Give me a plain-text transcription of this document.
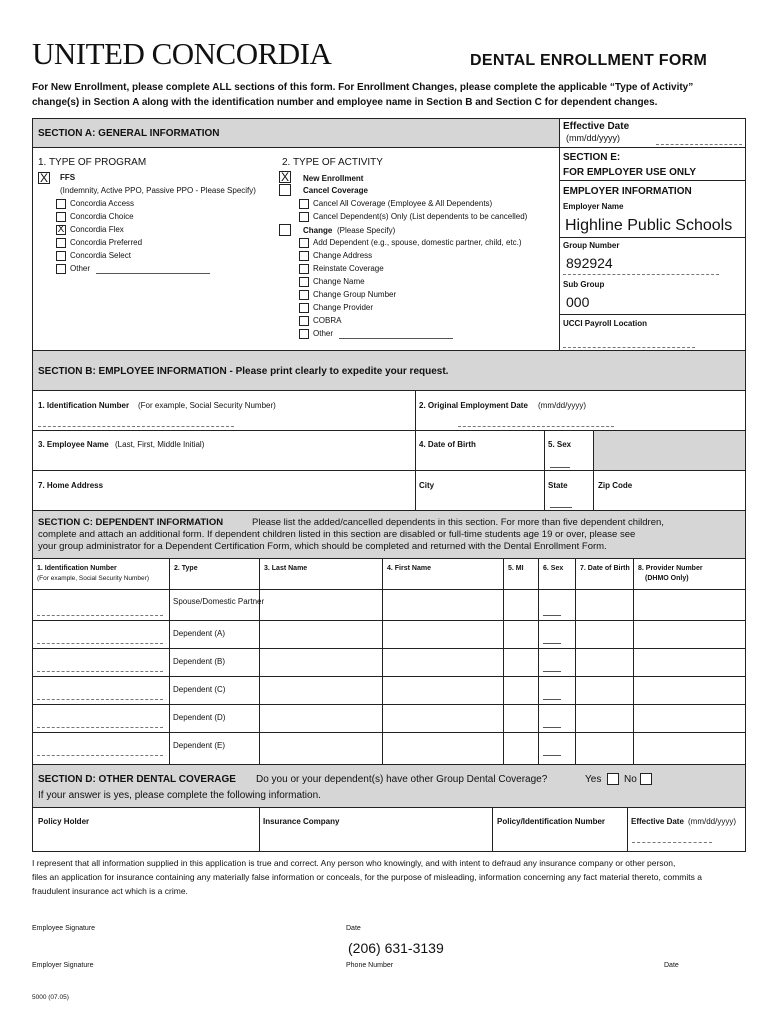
UNITED CONCORDIA	DENTAL ENROLLMENT FORM
For New Enrollment, please complete ALL sections of this form. For Enrollment Changes, please complete the applicable “Type of Activity” change(s) in Section A along with the identification number and employee name in Section B and Section C for dependent changes.
SECTION A: GENERAL INFORMATION
Effective Date
(mm/dd/yyyy)
1. TYPE OF PROGRAM
X FFS
(Indemnity, Active PPO, Passive PPO - Please Specify)
Concordia Access
Concordia Choice
X Concordia Flex
Concordia Preferred
Concordia Select
Other
2. TYPE OF ACTIVITY
X New Enrollment
Cancel Coverage
Cancel All Coverage (Employee & All Dependents)
Cancel Dependent(s) Only (List dependents to be cancelled)
Change (Please Specify)
Add Dependent (e.g., spouse, domestic partner, child, etc.)
Change Address
Reinstate Coverage
Change Name
Change Group Number
Change Provider
COBRA
Other
SECTION E:
FOR EMPLOYER USE ONLY
EMPLOYER INFORMATION
Employer Name
Highline Public Schools
Group Number
892924
Sub Group
000
UCCI Payroll Location
SECTION B: EMPLOYEE INFORMATION - Please print clearly to expedite your request.
1. Identification Number (For example, Social Security Number)	2. Original Employment Date (mm/dd/yyyy)
3. Employee Name (Last, First, Middle Initial)	4. Date of Birth	5. Sex
7. Home Address	City	State	Zip Code
SECTION C: DEPENDENT INFORMATION	Please list the added/cancelled dependents in this section. For more than five dependent children,
complete and attach an additional form. If dependent children listed in this section are disabled or full-time students age 19 or over, please see
your group administrator for a Dependent Certification Form, which should be completed and returned with the Dental Enrollment Form.
1. Identification Number
(For example, Social Security Number)
2. Type	3. Last Name	4. First Name	5. MI	6. Sex 7. Date of Birth 8. Provider Number
(DHMO Only)
Spouse/Domestic Partner
Dependent (A)
Dependent (B)
Dependent (C)
Dependent (D)
Dependent (E)
SECTION D: OTHER DENTAL COVERAGE Do you or your dependent(s) have other Group Dental Coverage?	Yes No
If your answer is yes, please complete the following information.
Policy Holder	Insurance Company	Policy/Identification Number	Effective Date (mm/dd/yyyy)
I represent that all information supplied in this application is true and correct. Any person who knowingly, and with intent to defraud any insurance company or other person,
files an application for insurance containing any materially false information or conceals, for the purpose of misleading, information concerning any fact material thereto, commits a
fraudulent insurance act which is a crime.
Employee Signature	Date
(206) 631-3139
Employer Signature	Phone Number	Date
5000 (07.05)
